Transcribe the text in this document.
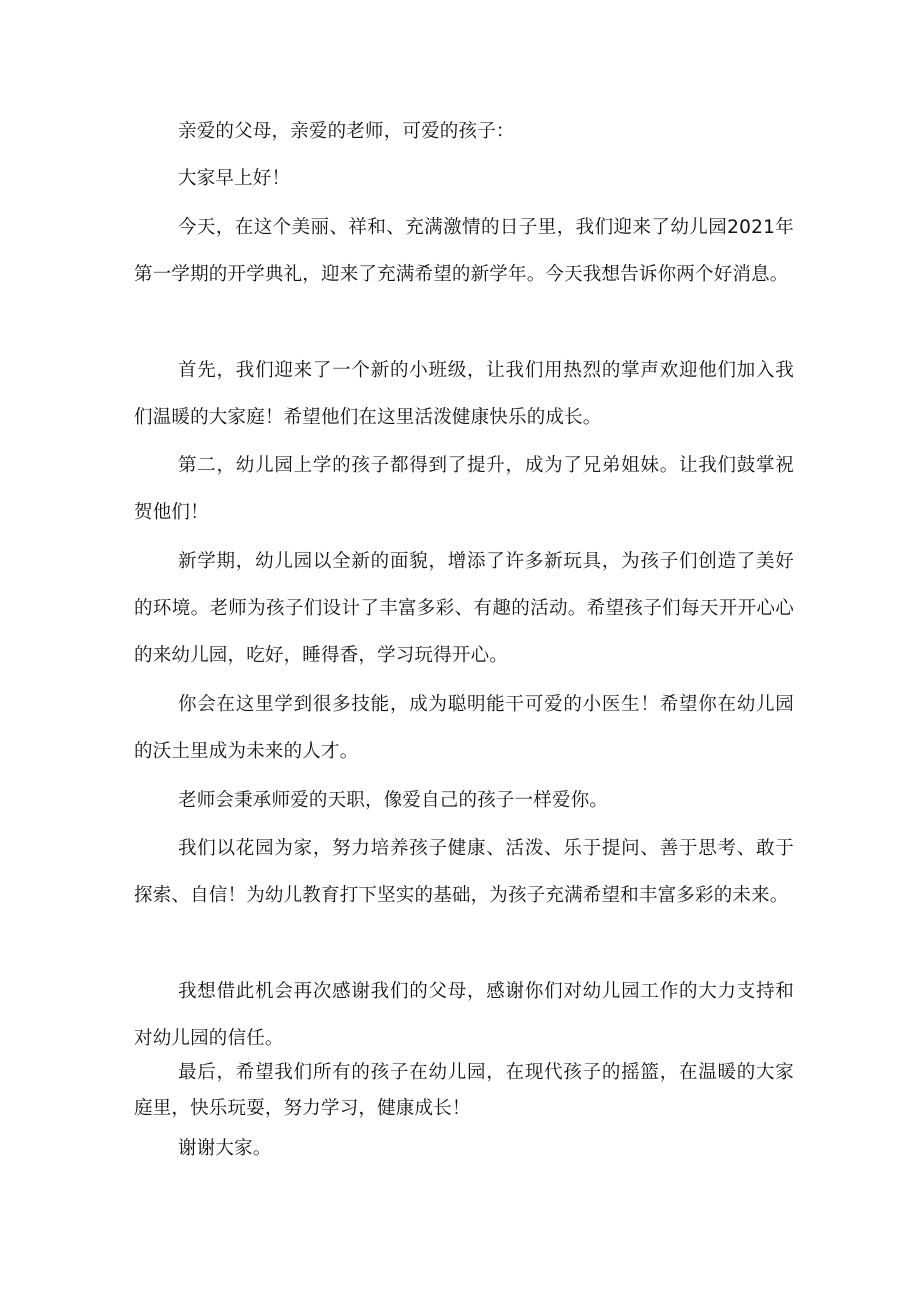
亲爱的父母，亲爱的老师，可爱的孩子：

大家早上好！

今天，在这个美丽、祥和、充满激情的日子里，我们迎来了幼儿园2021年第一学期的开学典礼，迎来了充满希望的新学年。今天我想告诉你两个好消息。

首先，我们迎来了一个新的小班级，让我们用热烈的掌声欢迎他们加入我们温暖的大家庭！希望他们在这里活泼健康快乐的成长。

第二，幼儿园上学的孩子都得到了提升，成为了兄弟姐妹。让我们鼓掌祝贺他们！

新学期，幼儿园以全新的面貌，增添了许多新玩具，为孩子们创造了美好的环境。老师为孩子们设计了丰富多彩、有趣的活动。希望孩子们每天开开心心的来幼儿园，吃好，睡得香，学习玩得开心。

你会在这里学到很多技能，成为聪明能干可爱的小医生！希望你在幼儿园的沃土里成为未来的人才。

老师会秉承师爱的天职，像爱自己的孩子一样爱你。

我们以花园为家，努力培养孩子健康、活泼、乐于提问、善于思考、敢于探索、自信！为幼儿教育打下坚实的基础，为孩子充满希望和丰富多彩的未来。

我想借此机会再次感谢我们的父母，感谢你们对幼儿园工作的大力支持和对幼儿园的信任。

最后，希望我们所有的孩子在幼儿园，在现代孩子的摇篮，在温暖的大家庭里，快乐玩耍，努力学习，健康成长！

谢谢大家。
